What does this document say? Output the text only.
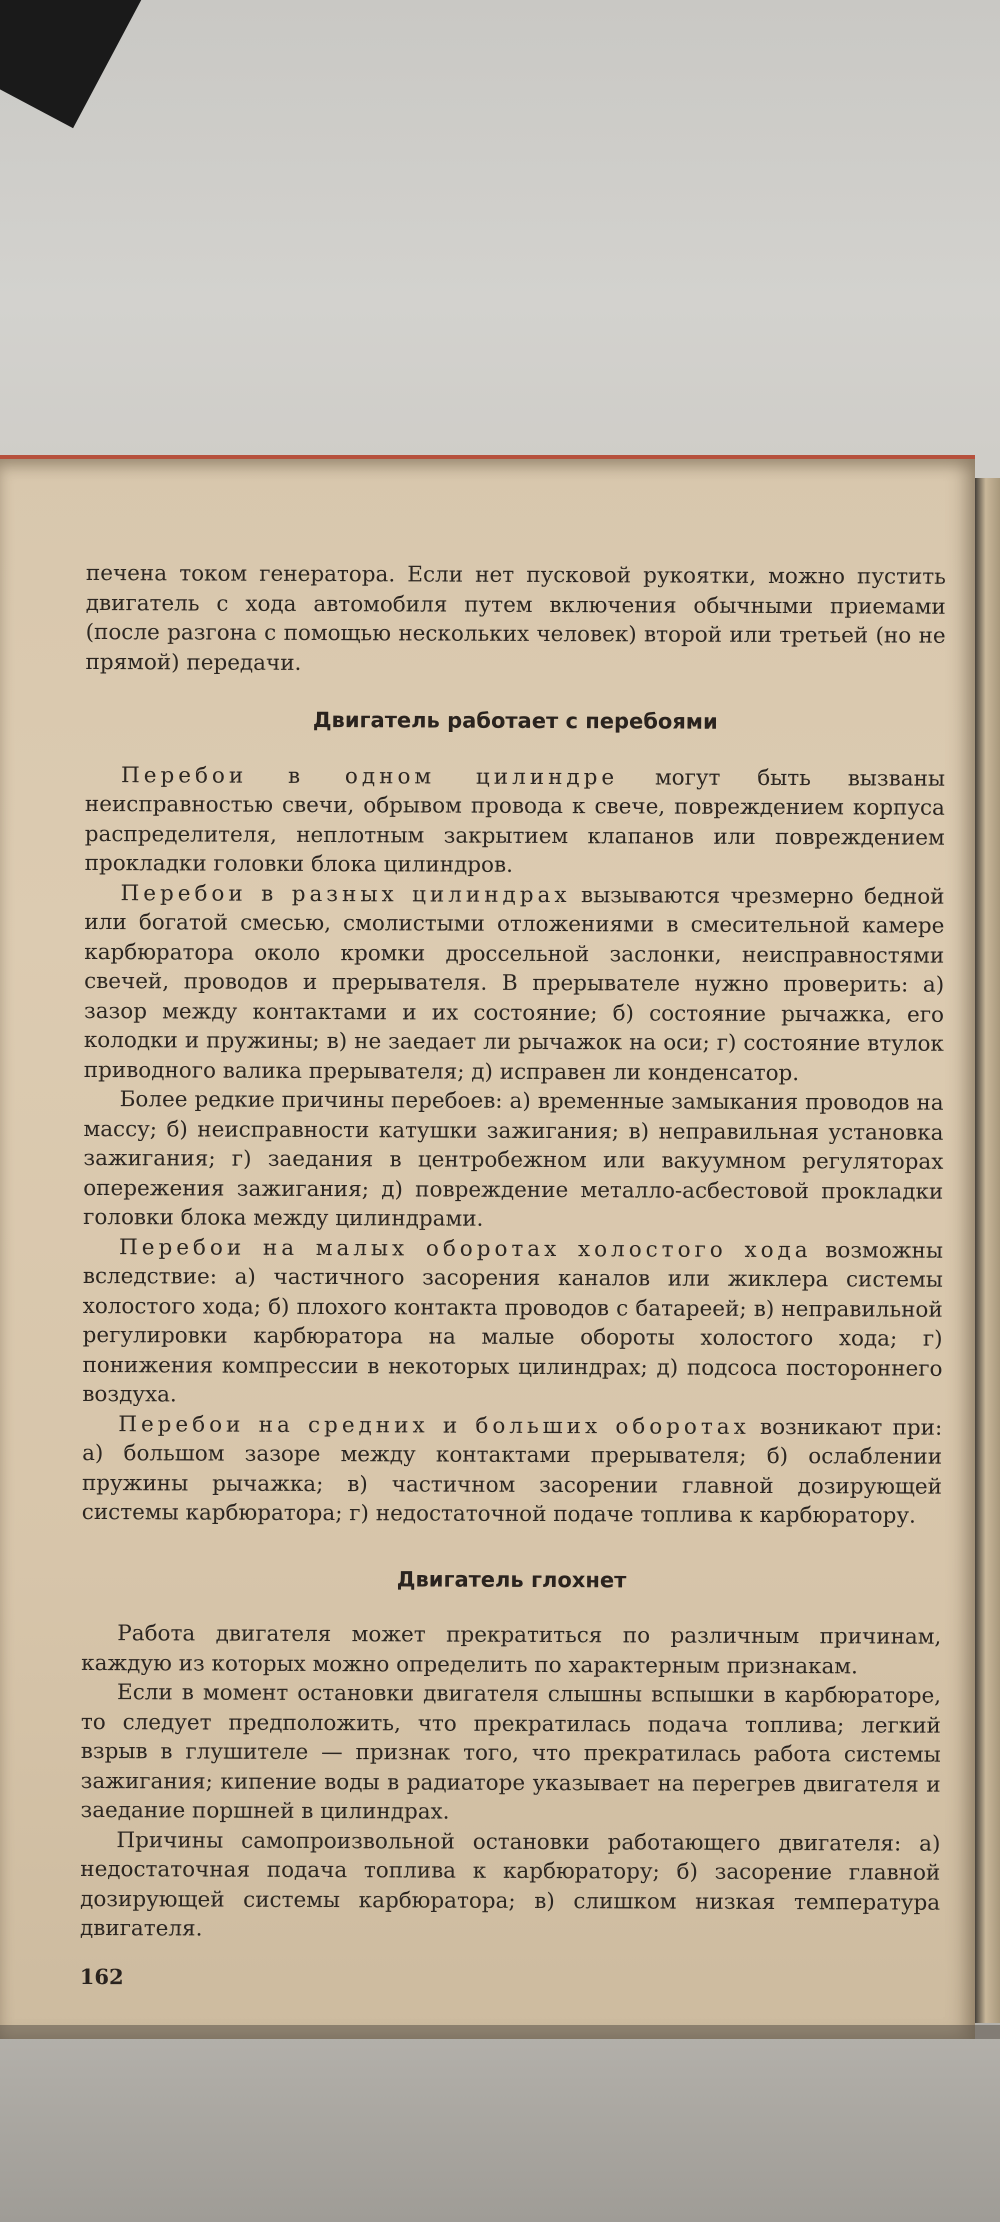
печена током генератора. Если нет пусковой рукоятки, можно пустить двигатель с хода автомобиля путем включения обычными приемами (после разгона с помощью нескольких человек) второй или третьей (но не прямой) передачи.

Двигатель работает с перебоями

Перебои в одном цилиндре могут быть вызваны неисправностью свечи, обрывом провода к свече, повреждением корпуса распределителя, неплотным закрытием клапанов или повреждением прокладки головки блока цилиндров.

Перебои в разных цилиндрах вызываются чрезмерно бедной или богатой смесью, смолистыми отложениями в смесительной камере карбюратора около кромки дроссельной заслонки, неисправностями свечей, проводов и прерывателя. В прерывателе нужно проверить: а) зазор между контактами и их состояние; б) состояние рычажка, его колодки и пружины; в) не заедает ли рычажок на оси; г) состояние втулок приводного валика прерывателя; д) исправен ли конденсатор.

Более редкие причины перебоев: а) временные замыкания проводов на массу; б) неисправности катушки зажигания; в) неправильная установка зажигания; г) заедания в центробежном или вакуумном регуляторах опережения зажигания; д) повреждение металло-асбестовой прокладки головки блока между цилиндрами.

Перебои на малых оборотах холостого хода возможны вследствие: а) частичного засорения каналов или жиклера системы холостого хода; б) плохого контакта проводов с батареей; в) неправильной регулировки карбюратора на малые обороты холостого хода; г) понижения компрессии в некоторых цилиндрах; д) подсоса постороннего воздуха.

Перебои на средних и больших оборотах возникают при: а) большом зазоре между контактами прерывателя; б) ослаблении пружины рычажка; в) частичном засорении главной дозирующей системы карбюратора; г) недостаточной подаче топлива к карбюратору.

Двигатель глохнет

Работа двигателя может прекратиться по различным причинам, каждую из которых можно определить по характерным признакам.

Если в момент остановки двигателя слышны вспышки в карбюраторе, то следует предположить, что прекратилась подача топлива; легкий взрыв в глушителе — признак того, что прекратилась работа системы зажигания; кипение воды в радиаторе указывает на перегрев двигателя и заедание поршней в цилиндрах.

Причины самопроизвольной остановки работающего двигателя: а) недостаточная подача топлива к карбюратору; б) засорение главной дозирующей системы карбюратора; в) слишком низкая температура двигателя.

162
